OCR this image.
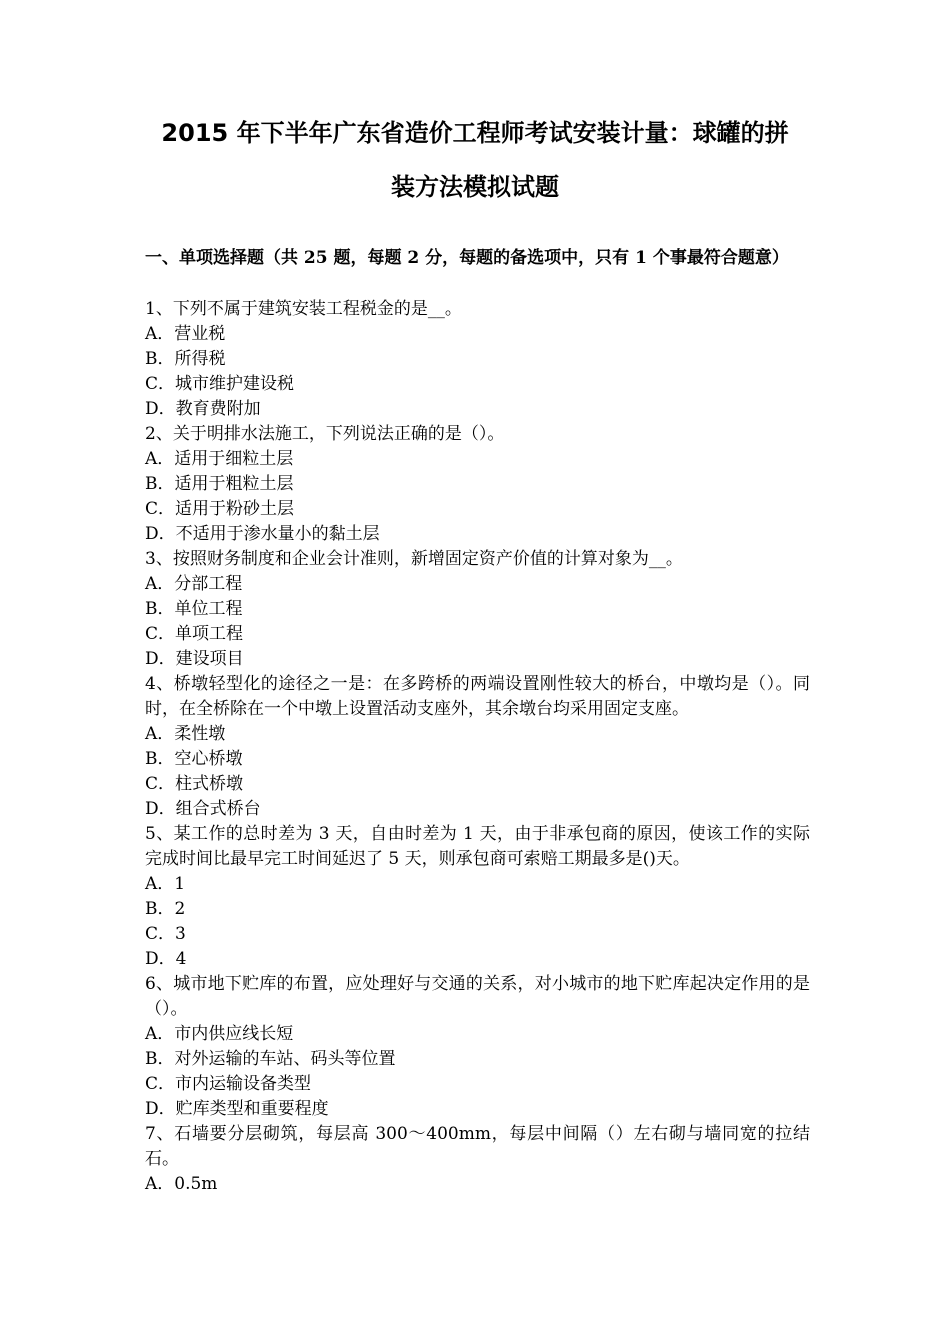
2015 年下半年广东省造价工程师考试安装计量：球罐的拼
装方法模拟试题
一、单项选择题（共 25 题，每题 2 分，每题的备选项中，只有 1 个事最符合题意）
1、下列不属于建筑安装工程税金的是__。
A．营业税
B．所得税
C．城市维护建设税
D．教育费附加
2、关于明排水法施工，下列说法正确的是（）。
A．适用于细粒土层
B．适用于粗粒土层
C．适用于粉砂土层
D．不适用于渗水量小的黏土层
3、按照财务制度和企业会计准则，新增固定资产价值的计算对象为__。
A．分部工程
B．单位工程
C．单项工程
D．建设项目
4、桥墩轻型化的途径之一是：在多跨桥的两端设置刚性较大的桥台，中墩均是（）。同时，在全桥除在一个中墩上设置活动支座外，其余墩台均采用固定支座。
A．柔性墩
B．空心桥墩
C．柱式桥墩
D．组合式桥台
5、某工作的总时差为 3 天，自由时差为 1 天，由于非承包商的原因，使该工作的实际完成时间比最早完工时间延迟了 5 天，则承包商可索赔工期最多是()天。
A．1
B．2
C．3
D．4
6、城市地下贮库的布置，应处理好与交通的关系，对小城市的地下贮库起决定作用的是（）。
A．市内供应线长短
B．对外运输的车站、码头等位置
C．市内运输设备类型
D．贮库类型和重要程度
7、石墙要分层砌筑，每层高 300～400mm，每层中间隔（）左右砌与墙同宽的拉结石。
A．0.5m
